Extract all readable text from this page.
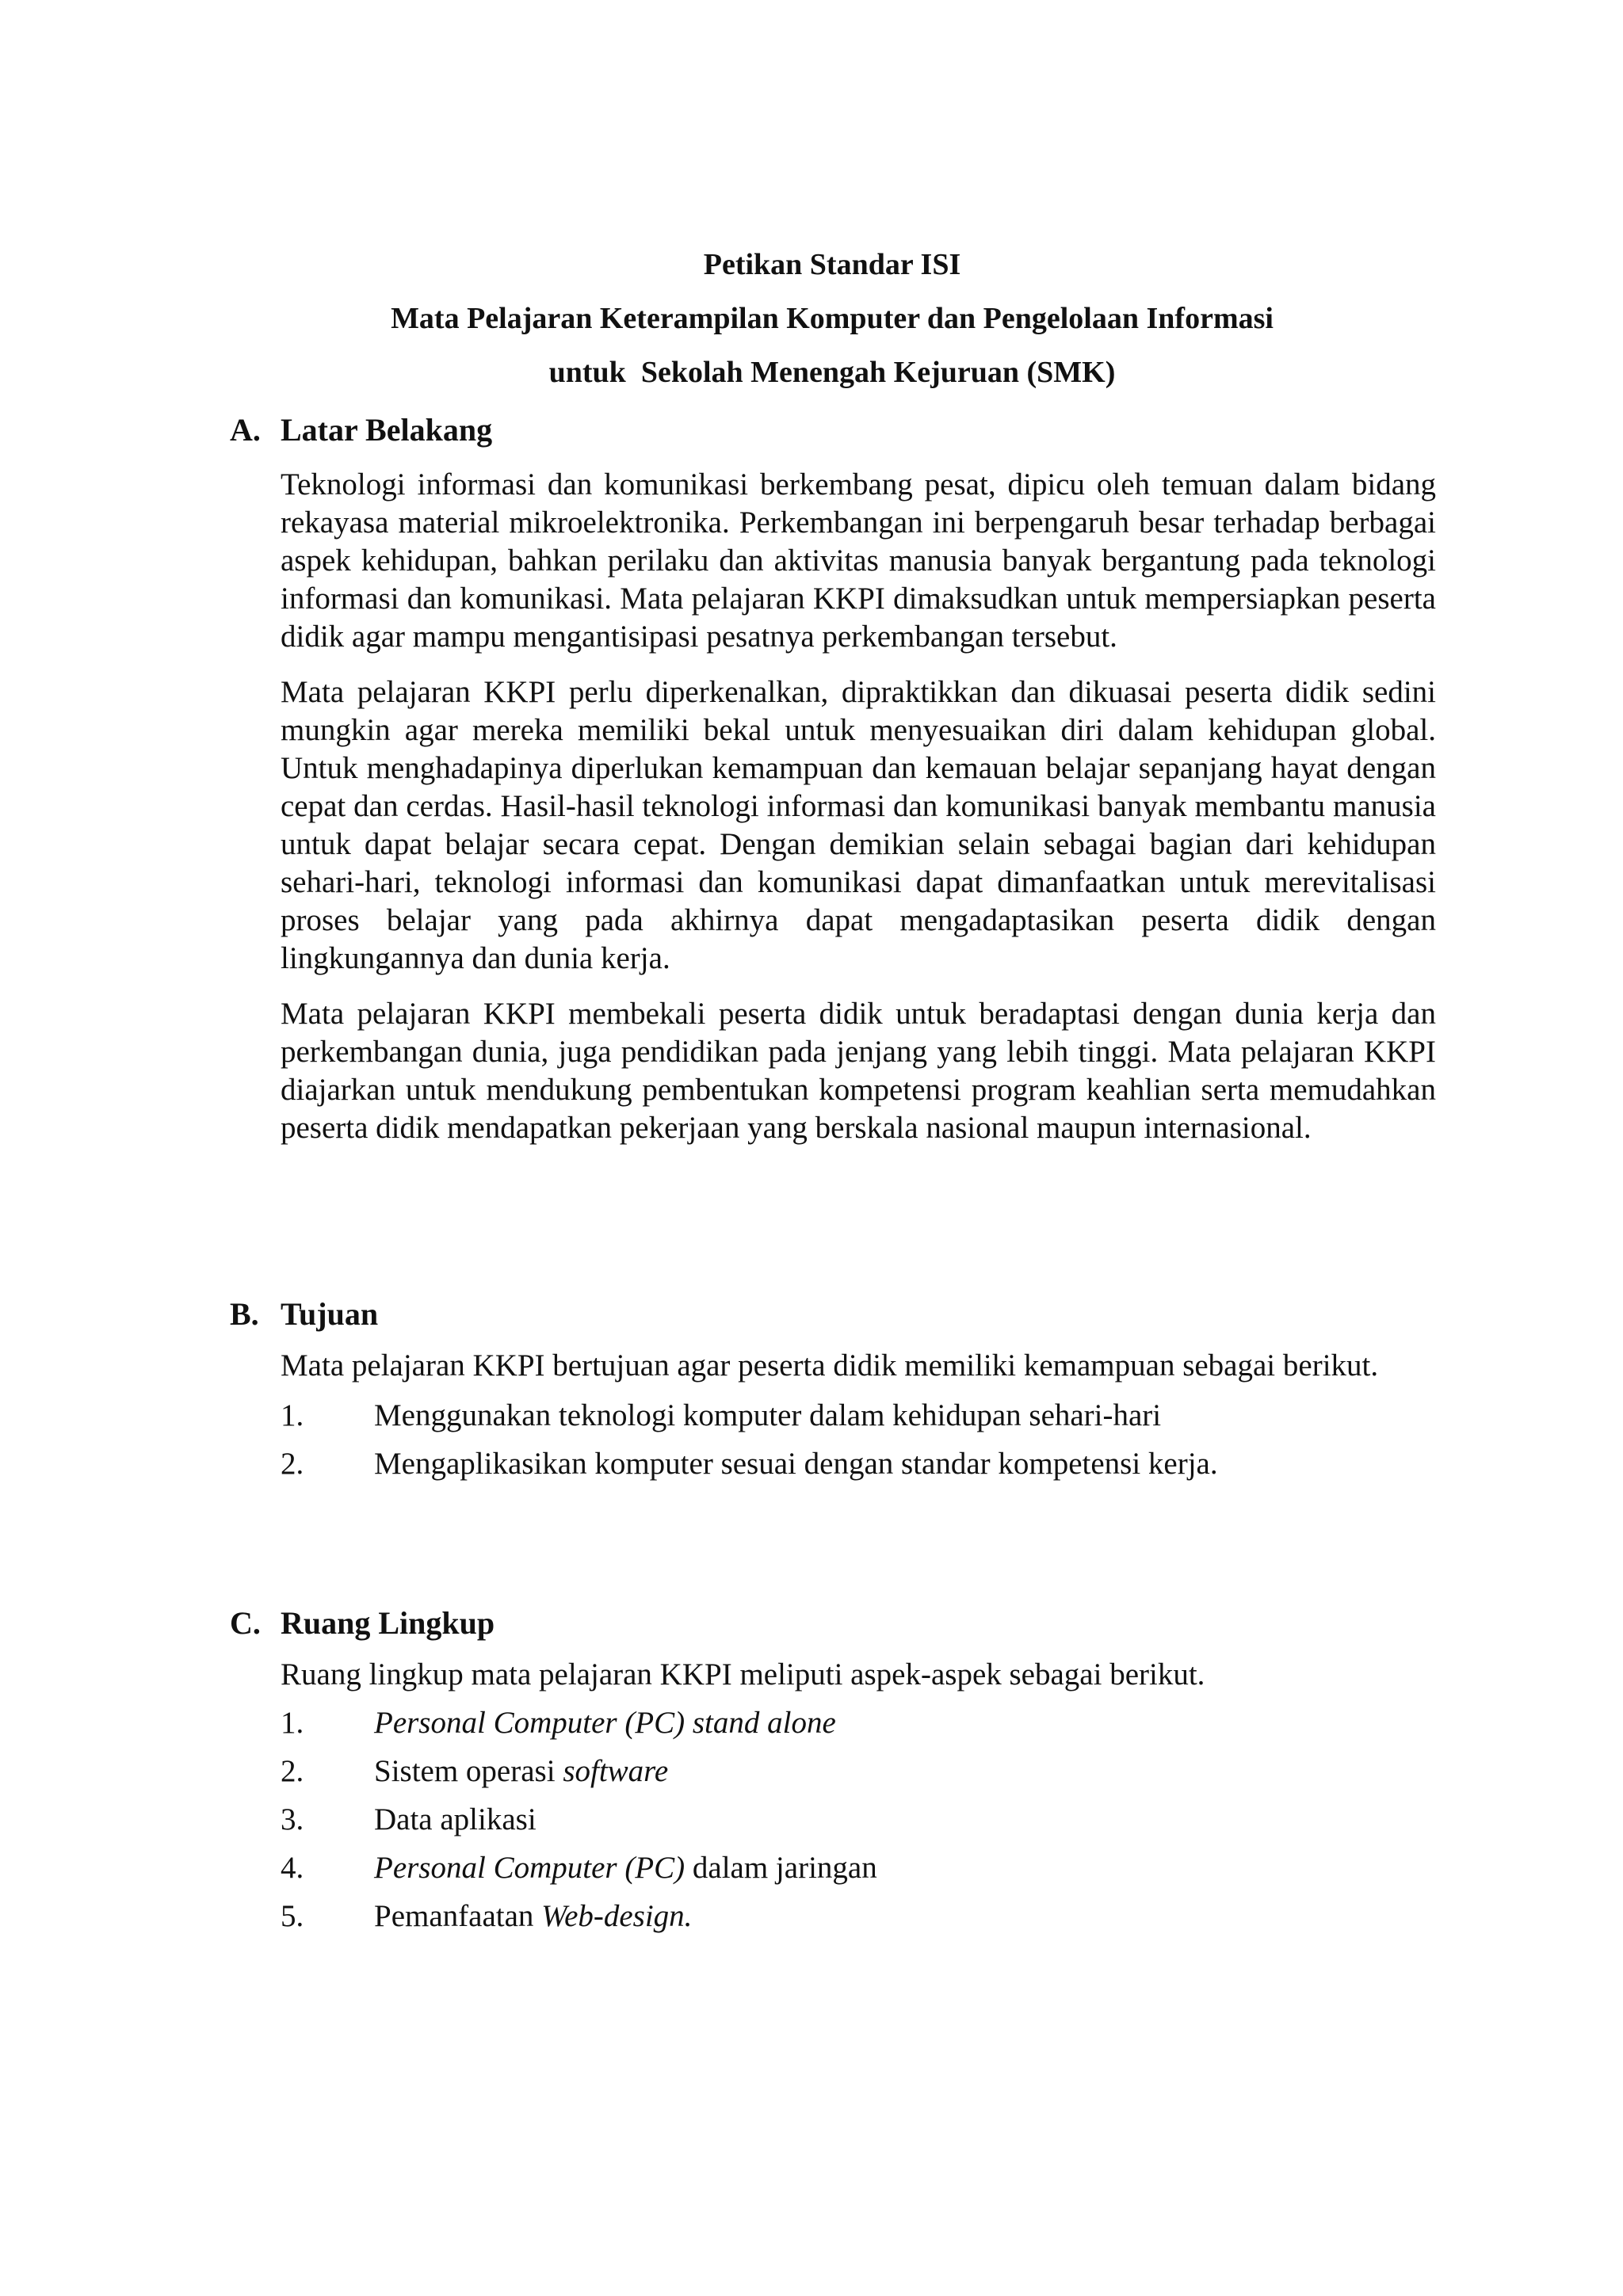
Petikan Standar ISI
Mata Pelajaran Keterampilan Komputer dan Pengelolaan Informasi
untuk  Sekolah Menengah Kejuruan (SMK)
A. Latar Belakang

Teknologi informasi dan komunikasi berkembang pesat, dipicu oleh temuan dalam bidang rekayasa material mikroelektronika. Perkembangan ini berpengaruh besar terhadap berbagai aspek kehidupan, bahkan perilaku dan aktivitas manusia banyak bergantung pada teknologi informasi dan komunikasi. Mata pelajaran KKPI dimaksudkan untuk mempersiapkan peserta didik agar mampu mengantisipasi pesatnya perkembangan tersebut.

Mata pelajaran KKPI perlu diperkenalkan, dipraktikkan dan dikuasai peserta didik sedini mungkin agar mereka memiliki bekal untuk menyesuaikan diri dalam kehidupan global. Untuk menghadapinya diperlukan kemampuan dan kemauan belajar sepanjang hayat dengan cepat dan cerdas. Hasil-hasil teknologi informasi dan komunikasi banyak membantu manusia untuk dapat belajar secara cepat. Dengan demikian selain sebagai bagian dari kehidupan sehari-hari, teknologi informasi dan komunikasi dapat dimanfaatkan untuk merevitalisasi proses belajar yang pada akhirnya dapat mengadaptasikan peserta didik dengan lingkungannya dan dunia kerja.

Mata pelajaran KKPI membekali peserta didik untuk beradaptasi dengan dunia kerja dan perkembangan dunia, juga pendidikan pada jenjang yang lebih tinggi. Mata pelajaran KKPI diajarkan untuk mendukung pembentukan kompetensi program keahlian serta memudahkan peserta didik mendapatkan pekerjaan yang berskala nasional maupun internasional.

B. Tujuan

Mata pelajaran KKPI bertujuan agar peserta didik memiliki kemampuan sebagai berikut.

1.	Menggunakan teknologi komputer dalam kehidupan sehari-hari
2.	Mengaplikasikan komputer sesuai dengan standar kompetensi kerja.
C. Ruang Lingkup

Ruang lingkup mata pelajaran KKPI meliputi aspek-aspek sebagai berikut.

1.	Personal Computer (PC) stand alone
2.	Sistem operasi software
3.	Data aplikasi
4.	Personal Computer (PC) dalam jaringan
5.	Pemanfaatan Web-design.
